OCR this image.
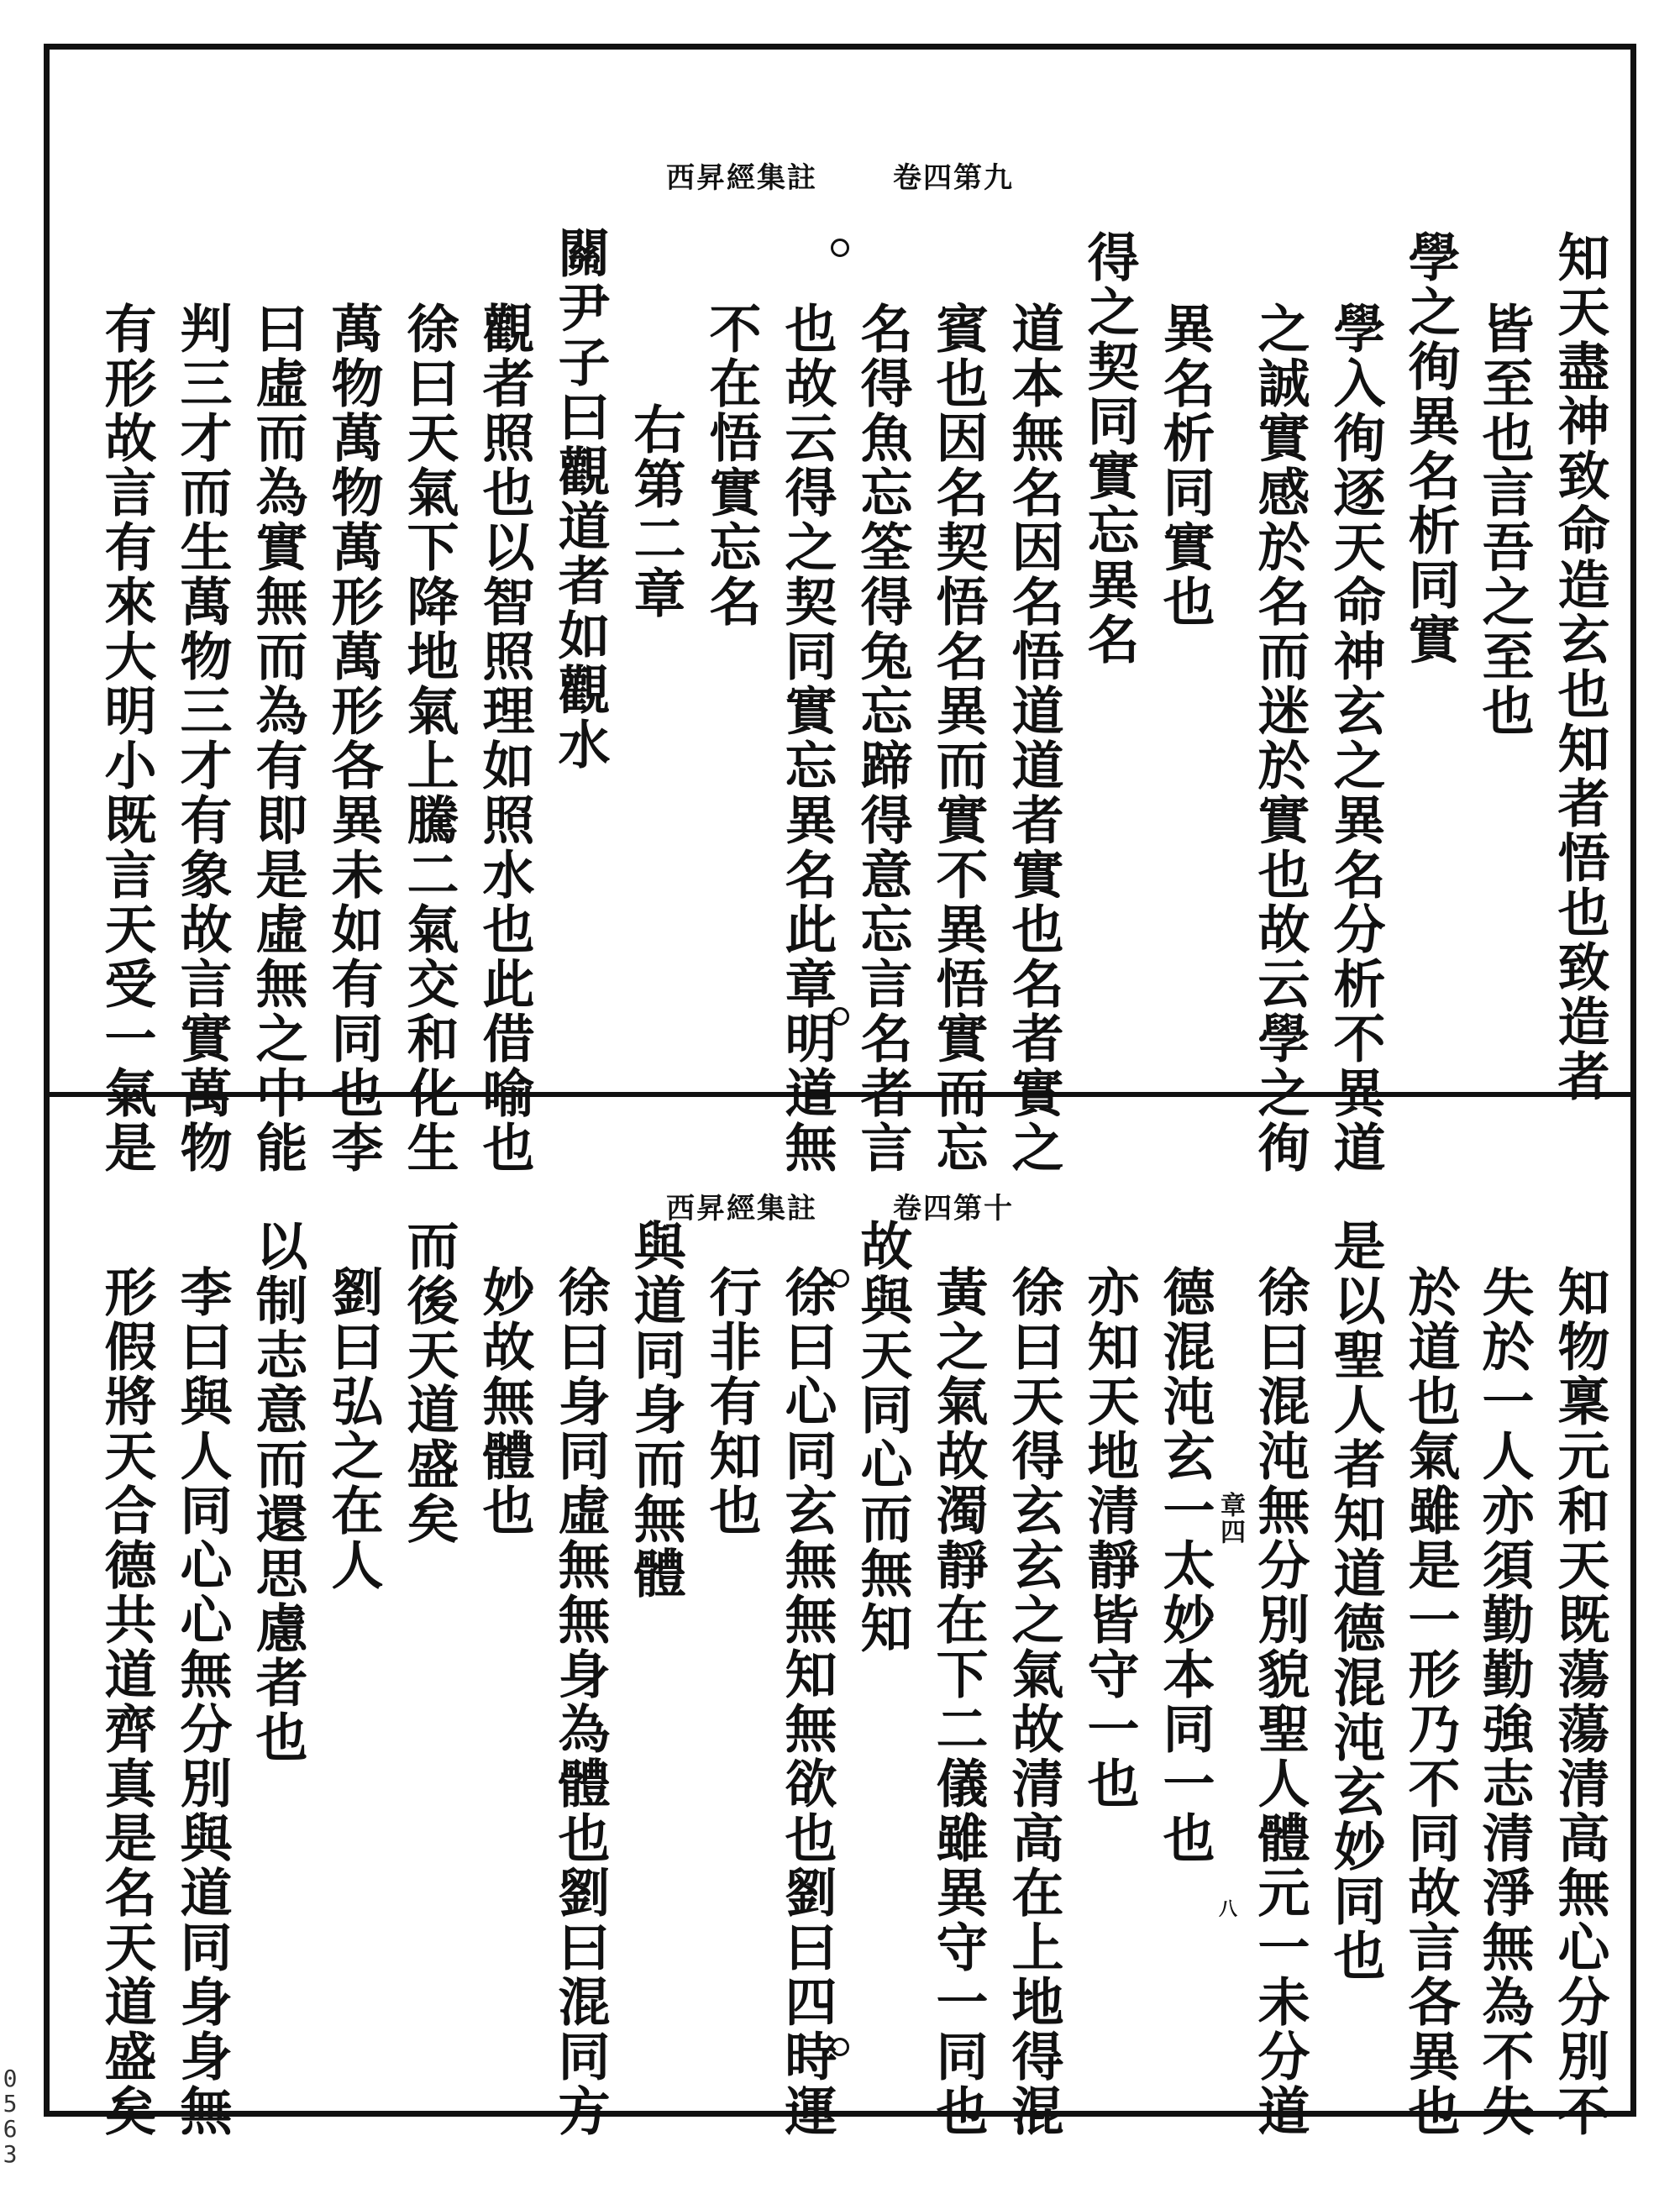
西昇經集註	卷四第九
知天盡神致命造玄也知者悟也致造者
皆至也言吾之至也
學之徇異名析同實
學入徇逐天命神玄之異名分析不異道
之誠實感於名而迷於實也故云學之徇
異名析同實也
得之契同實忘異名
道本無名因名悟道道者實也名者實之
賓也因名契悟名異而實不異悟實而忘
名得魚忘筌得兔忘蹄得意忘言名者言
也故云得之契同實忘異名此章明道無
不在悟實忘名
右第二章
關尹子曰觀道者如觀水
觀者照也以智照理如照水也此借喻也
徐曰天氣下降地氣上騰二氣交和化生
萬物萬物萬形萬形各異未如有同也李
曰虛而為實無而為有即是虛無之中能
判三才而生萬物三才有象故言實萬物
有形故言有來大明小既言天受一氣是
西昇經集註	卷四第十
知物稟元和天既蕩蕩清高無心分別不
失於一人亦須勤勤強志清淨無為不失
於道也氣雖是一形乃不同故言各異也
是以聖人者知道德混沌玄妙同也
徐曰混沌無分別貌聖人體元一未分道
德混沌玄一太妙本同一也
亦知天地清靜皆守一也
徐曰天得玄玄之氣故清高在上地得混
黃之氣故濁靜在下二儀雖異守一同也
故與天同心而無知
徐曰心同玄無無知無欲也劉曰四時運
行非有知也
與道同身而無體
徐曰身同虛無無身為體也劉曰混同方
妙故無體也
而後天道盛矣
劉曰弘之在人
以制志意而還思慮者也
李曰與人同心心無分別與道同身身無
形假將天合德共道齊真是名天道盛矣	章四
八
0
5
6
3
